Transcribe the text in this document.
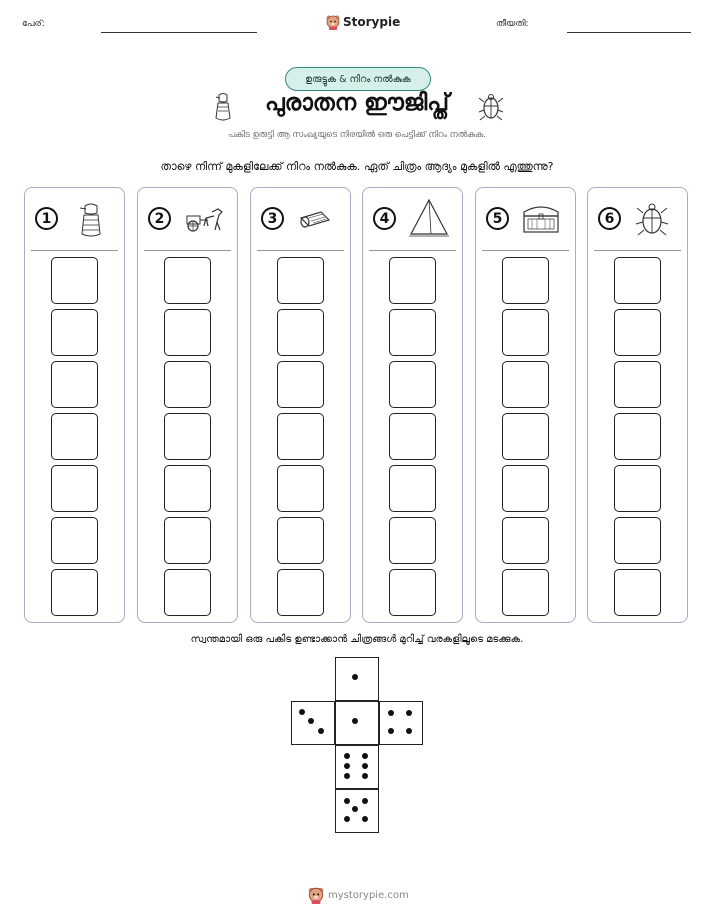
പേര്:	Storypie	തീയതി:
ഉരുട്ടുക & നിറം നൽകുക
പുരാതന ഈജിപ്ത്
പകിട ഉരുട്ടി ആ സംഖ്യയുടെ നിരയിൽ ഒരു പെട്ടിക്ക് നിറം നൽകുക.
താഴെ നിന്ന് മുകളിലേക്ക് നിറം നൽകുക. ഏത് ചിത്രം ആദ്യം മുകളിൽ എത്തുന്നു?
1	2	3	4	5	6
സ്വന്തമായി ഒരു പകിട ഉണ്ടാക്കാൻ ചിത്രങ്ങൾ മുറിച്ച് വരകളിലൂടെ മടക്കുക.
mystorypie.com
